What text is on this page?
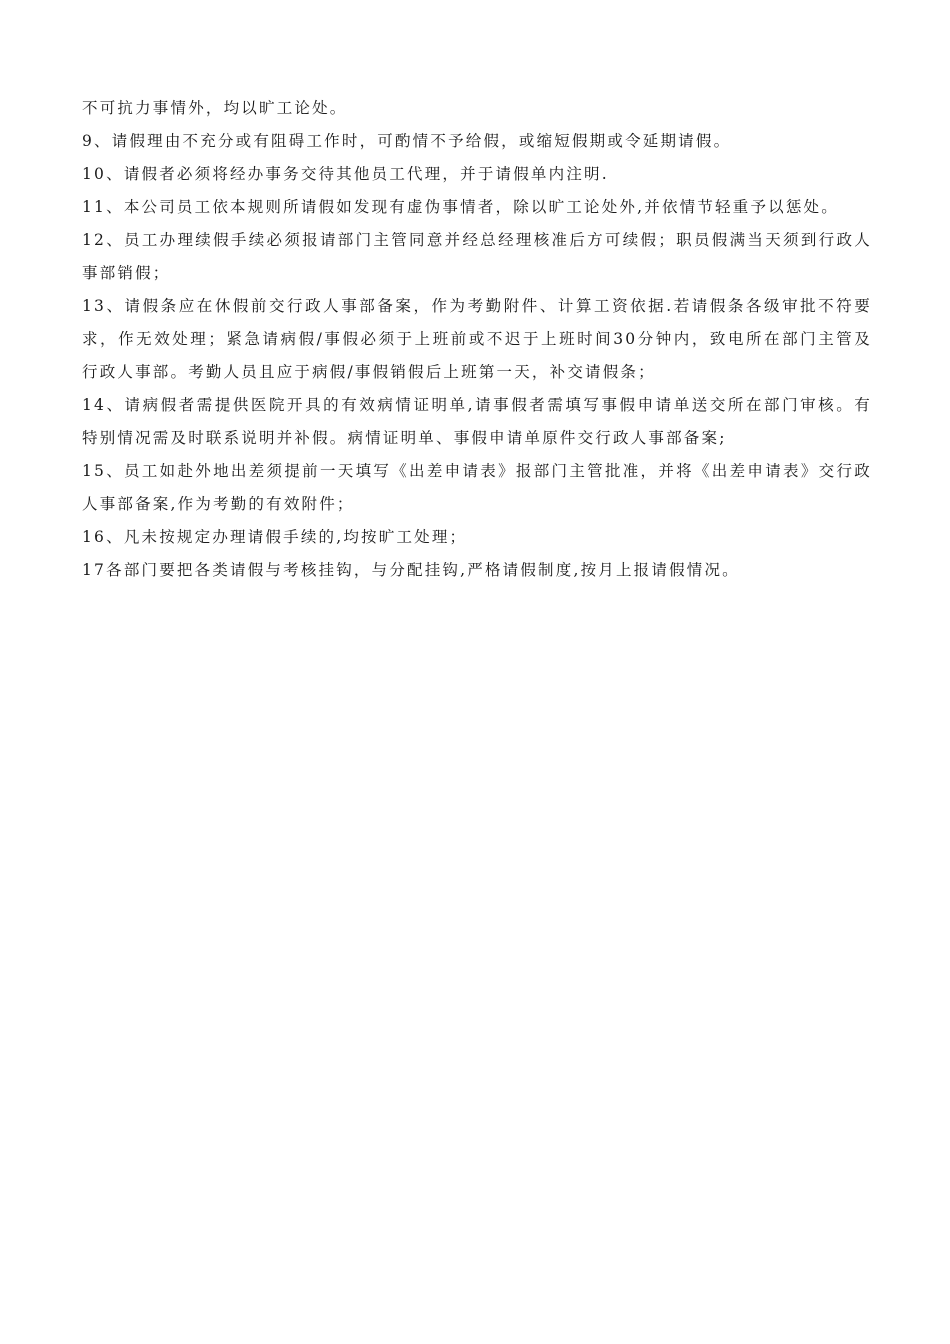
不可抗力事情外，均以旷工论处。

9、请假理由不充分或有阻碍工作时，可酌情不予给假，或缩短假期或令延期请假。

10、请假者必须将经办事务交待其他员工代理，并于请假单内注明.

11、本公司员工依本规则所请假如发现有虚伪事情者，除以旷工论处外,并依情节轻重予以惩处。

12、员工办理续假手续必须报请部门主管同意并经总经理核准后方可续假；职员假满当天须到行政人事部销假；

13、请假条应在休假前交行政人事部备案，作为考勤附件、计算工资依据.若请假条各级审批不符要求，作无效处理；紧急请病假/事假必须于上班前或不迟于上班时间30分钟内，致电所在部门主管及行政人事部。考勤人员且应于病假/事假销假后上班第一天，补交请假条；

14、请病假者需提供医院开具的有效病情证明单,请事假者需填写事假申请单送交所在部门审核。有特别情况需及时联系说明并补假。病情证明单、事假申请单原件交行政人事部备案;

15、员工如赴外地出差须提前一天填写《出差申请表》报部门主管批准，并将《出差申请表》交行政人事部备案,作为考勤的有效附件；

16、凡未按规定办理请假手续的,均按旷工处理；

17各部门要把各类请假与考核挂钩，与分配挂钩,严格请假制度,按月上报请假情况。
